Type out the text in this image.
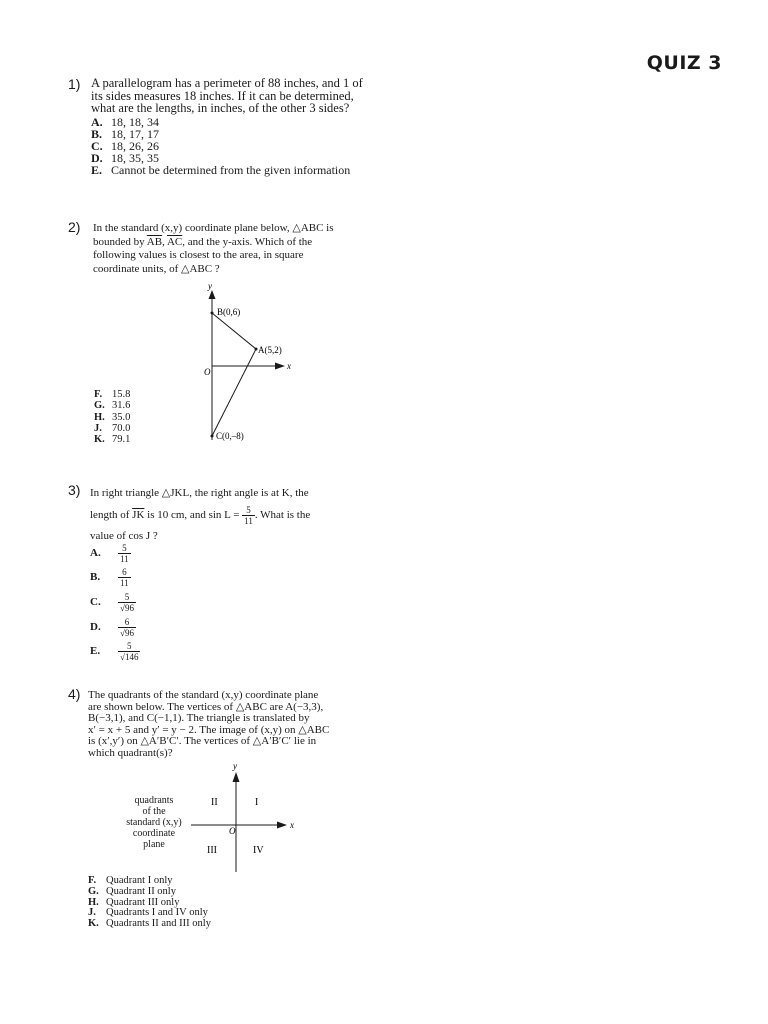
QUIZ 3
1) A parallelogram has a perimeter of 88 inches, and 1 of
its sides measures 18 inches. If it can be determined,
what are the lengths, in inches, of the other 3 sides?
A. 18, 18, 34
B. 18, 17, 17
C. 18, 26, 26
D. 18, 35, 35
E. Cannot be determined from the given information
2) In the standard (x,y) coordinate plane below, △ABC is
bounded by $\overline{AB}$, $\overline{AC}$, and the y-axis. Which of the
following values is closest to the area, in square
coordinate units, of △ABC ?
y
x
O
B(0,6)
A(5,2)
C(0,–8)
F. 15.8
G. 31.6
H. 35.0
J. 70.0
K. 79.1
3) In right triangle △JKL, the right angle is at K, the
length of $\overline{JK}$ is 10 cm, and $\sin L = \frac{5}{11}$ . What is the
value of cos J ?
A.	$\frac{5}{11}$
B.	$\frac{6}{11}$
C.	$\frac{5}{√96}$
D.	$\frac{6}{√96}$
E.	$\frac{5}{√146}$
4) The quadrants of the standard (x,y) coordinate plane
are shown below. The vertices of △ABC are A(−3,3),
B(−3,1), and C(−1,1). The triangle is translated by
x′ = x + 5 and y′ = y − 2. The image of (x,y) on △ABC
is (x′,y′) on △A′B′C′. The vertices of △A′B′C′ lie in
which quadrant(s)?
quadrants
of the
standard (x,y)
coordinate
plane
y
x
O
II	I
III	IV
F. Quadrant I only
G. Quadrant II only
H. Quadrant III only
J. Quadrants I and IV only
K. Quadrants II and III only
